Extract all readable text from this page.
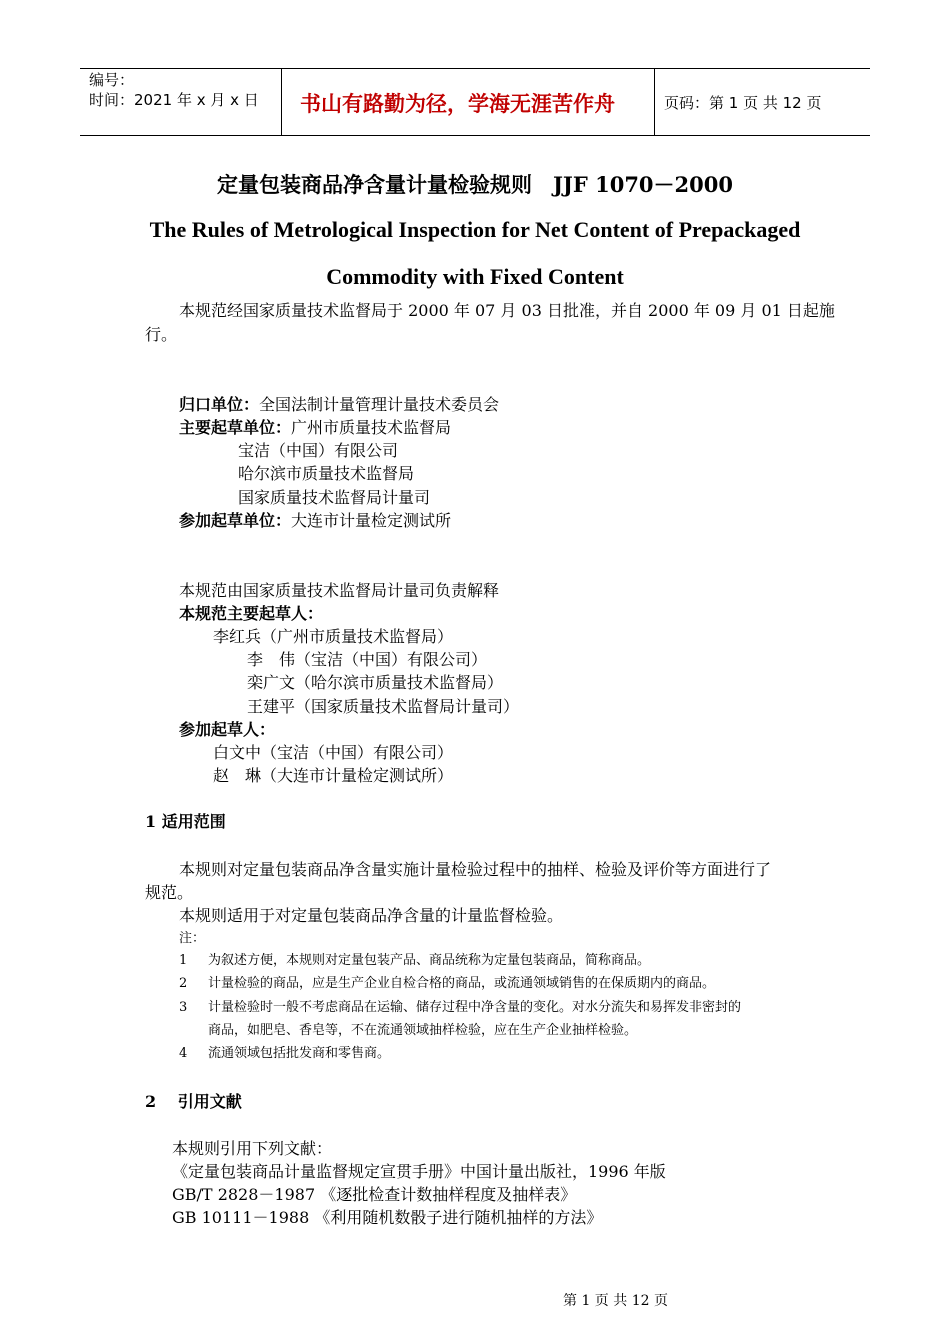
编号：
时间：2021 年 x 月 x 日 书山有路勤为径，学海无涯苦作舟	页码：第 1 页 共 12 页
定量包装商品净含量计量检验规则　JJF 1070－2000
The Rules of Metrological Inspection for Net Content of Prepackaged
Commodity with Fixed Content
本规范经国家质量技术监督局于 2000 年 07 月 03 日批准，并自 2000 年 09 月 01 日起施
行。
归口单位：全国法制计量管理计量技术委员会
主要起草单位：广州市质量技术监督局
宝洁（中国）有限公司
哈尔滨市质量技术监督局
国家质量技术监督局计量司
参加起草单位：大连市计量检定测试所
本规范由国家质量技术监督局计量司负责解释
本规范主要起草人：
李红兵（广州市质量技术监督局）
李　伟（宝洁（中国）有限公司）
栾广文（哈尔滨市质量技术监督局）
王建平（国家质量技术监督局计量司）
参加起草人：
白文中（宝洁（中国）有限公司）
赵　琳（大连市计量检定测试所）
1 适用范围
本规则对定量包装商品净含量实施计量检验过程中的抽样、检验及评价等方面进行了
规范。
本规则适用于对定量包装商品净含量的计量监督检验。
注：
1 为叙述方便，本规则对定量包装产品、商品统称为定量包装商品，简称商品。
2 计量检验的商品，应是生产企业自检合格的商品，或流通领域销售的在保质期内的商品。
3 计量检验时一般不考虑商品在运输、储存过程中净含量的变化。对水分流失和易挥发非密封的
商品，如肥皂、香皂等，不在流通领域抽样检验，应在生产企业抽样检验。
4 流通领域包括批发商和零售商。
2　 引用文献
本规则引用下列文献：
《定量包装商品计量监督规定宣贯手册》中国计量出版社，1996 年版
GB/T 2828－1987 《逐批检查计数抽样程度及抽样表》
GB 10111－1988 《利用随机数骰子进行随机抽样的方法》
第 1 页 共 12 页
